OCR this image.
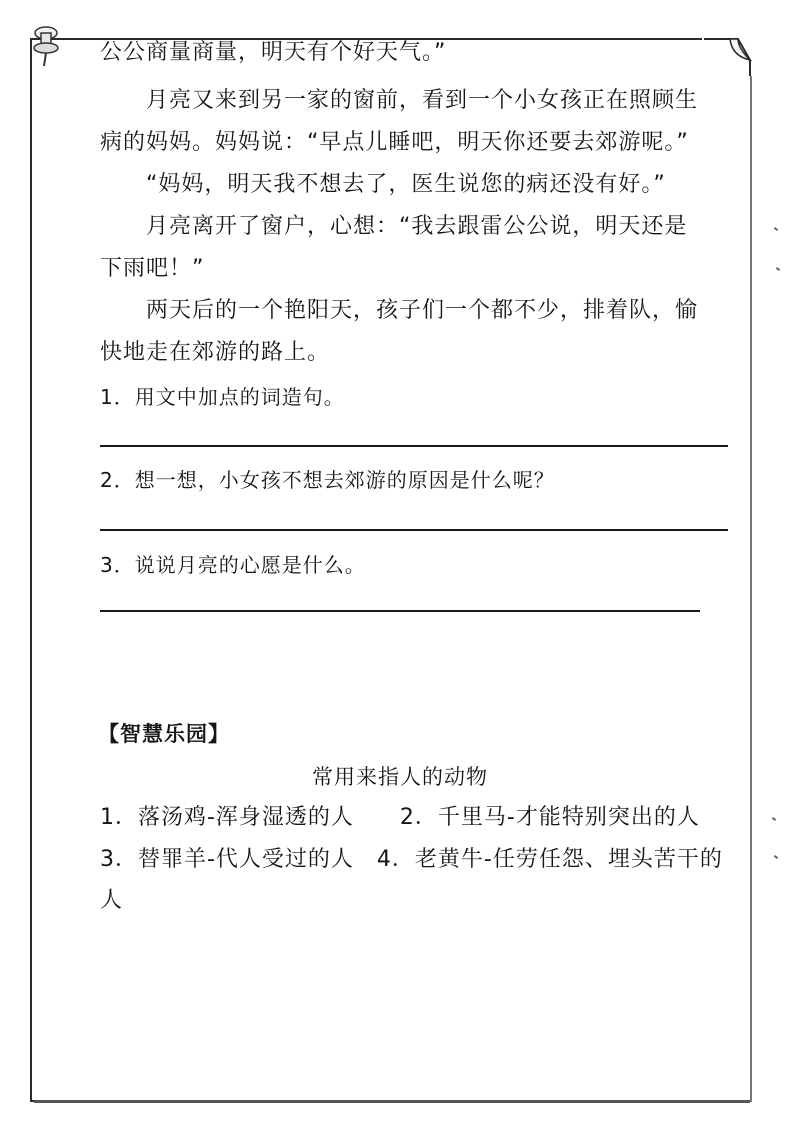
公公商量商量，明天有个好天气。”
月亮又来到另一家的窗前，看到一个小女孩正在照顾生
病的妈妈。妈妈说：“早点儿睡吧，明天你还要去郊游呢。”
“妈妈，明天我不想去了，医生说您的病还没有好。”
月亮离开了窗户，心想：“我去跟雷公公说，明天还是
下雨吧！”
两天后的一个艳阳天，孩子们一个都不少，排着队，愉
快地走在郊游的路上。
1．用文中加点的词造句。
2．想一想，小女孩不想去郊游的原因是什么呢？
3．说说月亮的心愿是什么。
【智慧乐园】
常用来指人的动物
1．落汤鸡-浑身湿透的人　　2．千里马-才能特别突出的人
3．替罪羊-代人受过的人　4．老黄牛-任劳任怨、埋头苦干的
人
